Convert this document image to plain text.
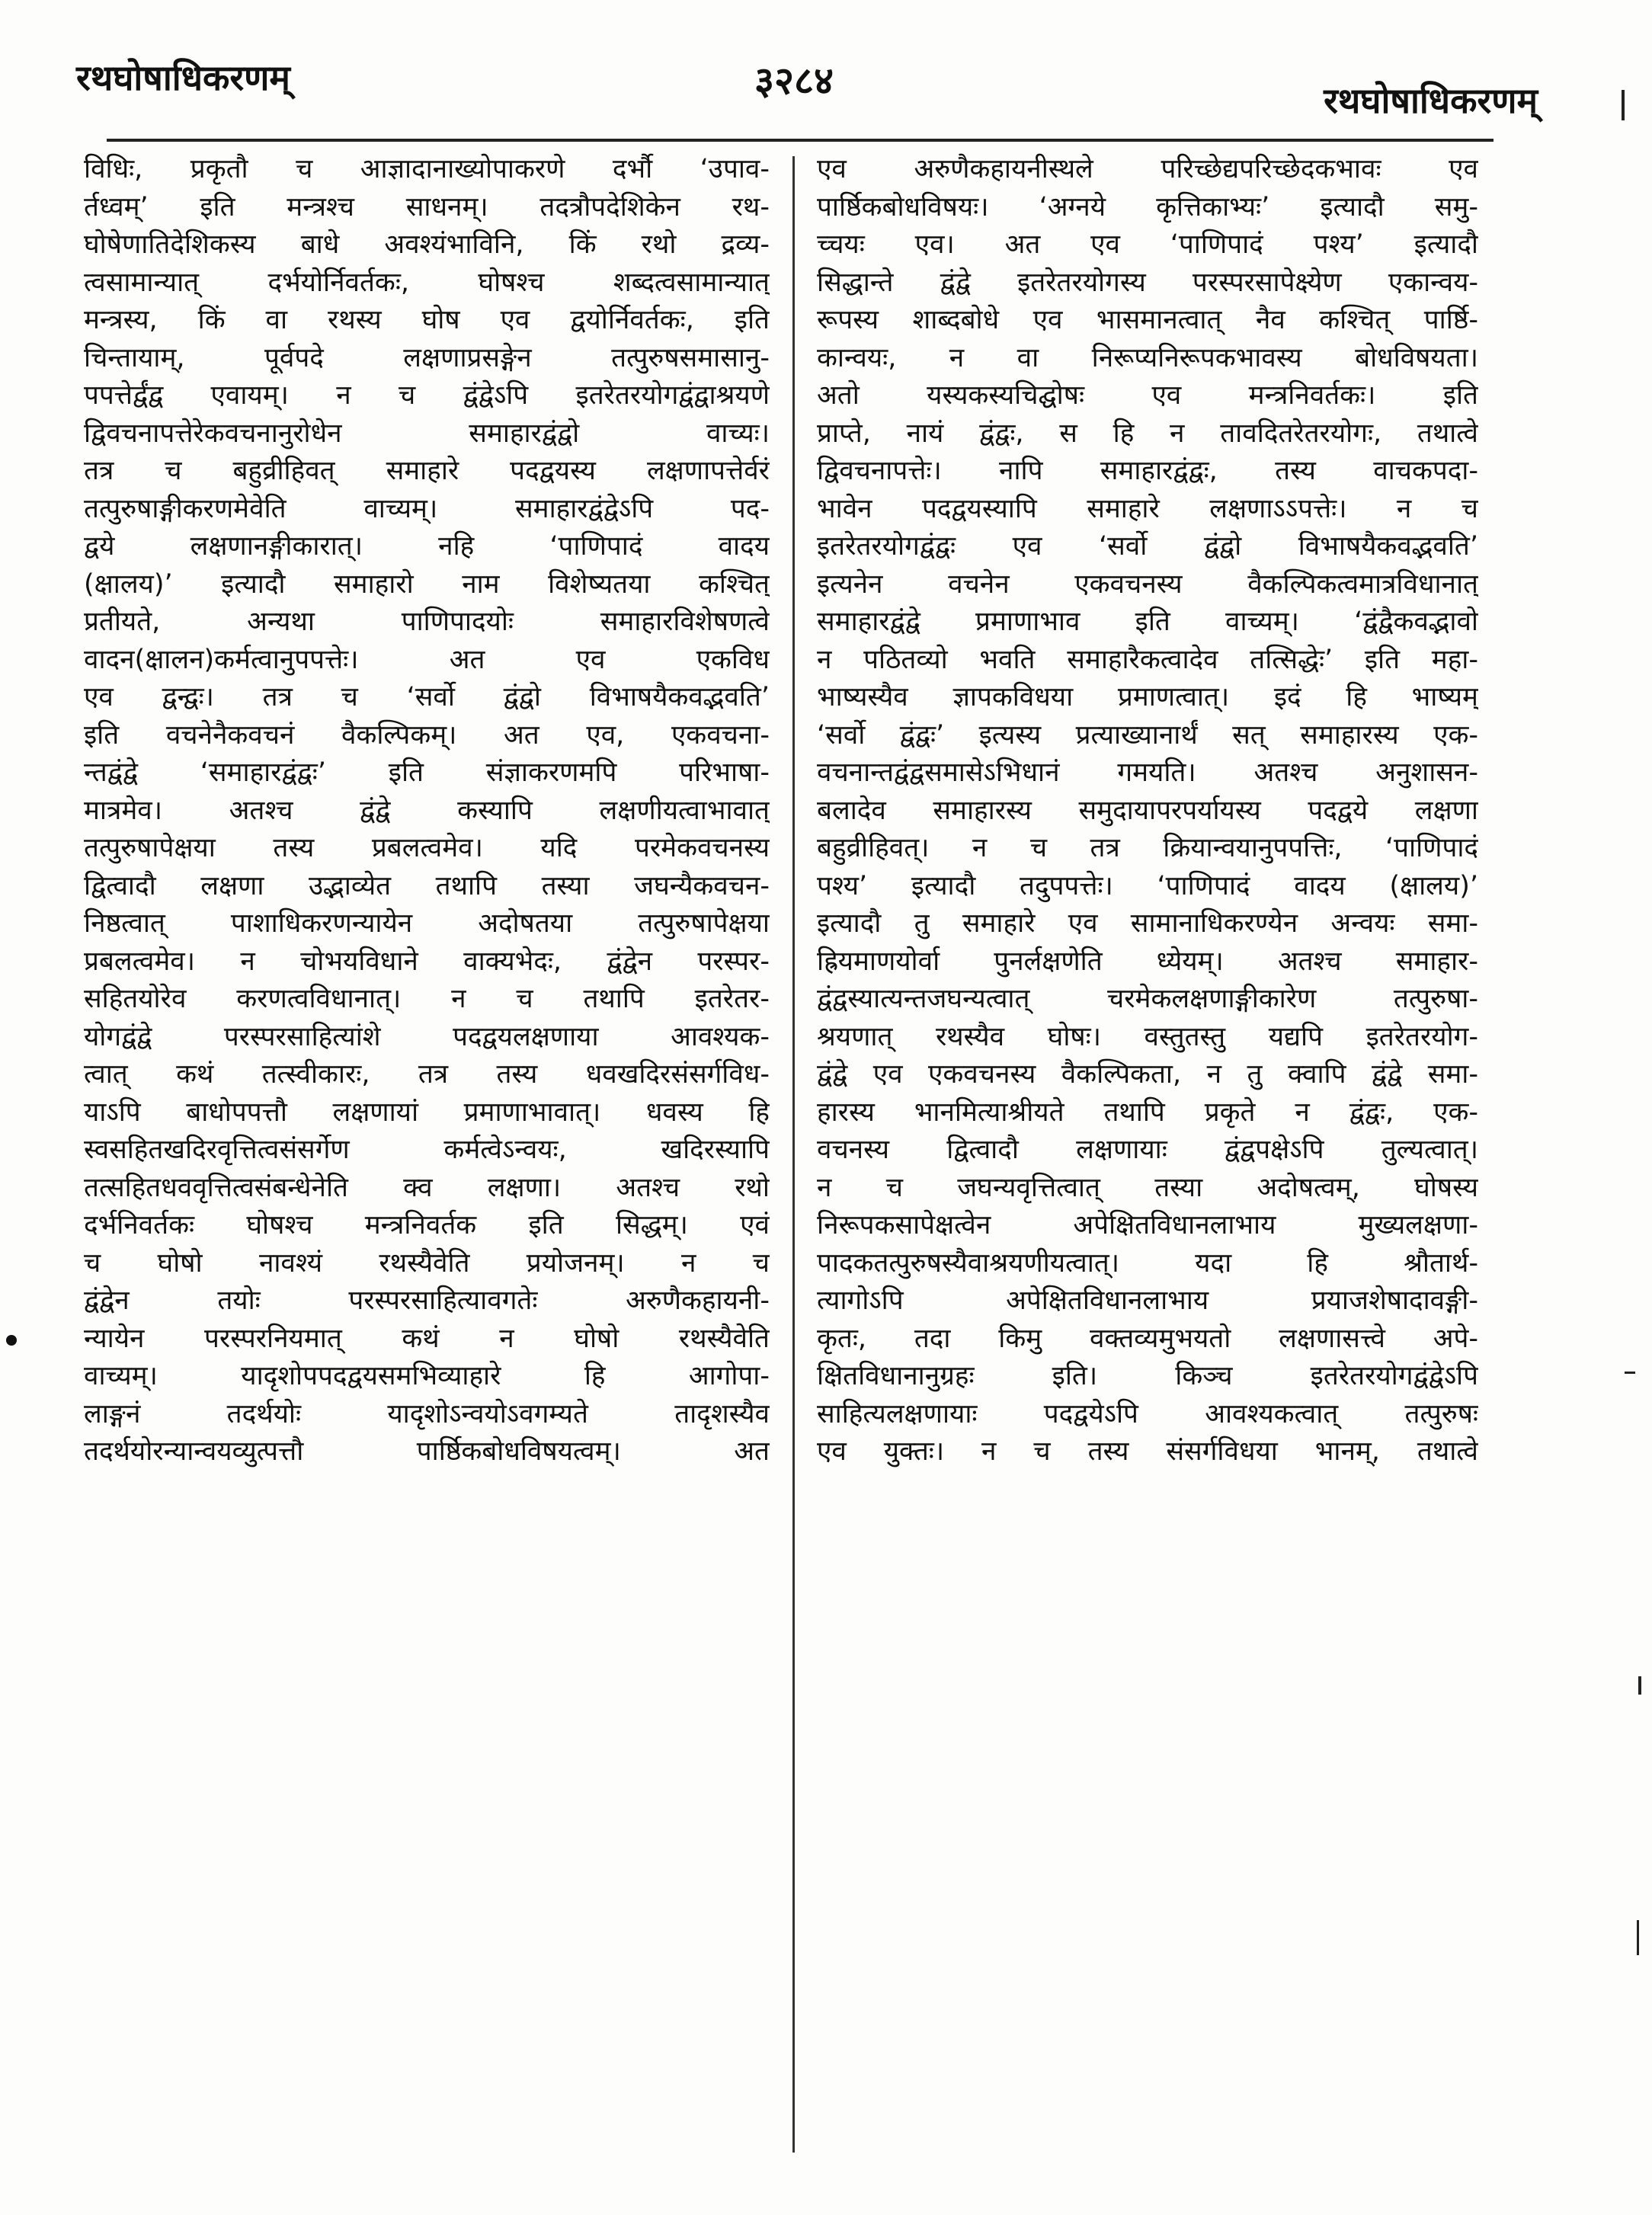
रथघोषाधिकरणम्	३२८४	रथघोषाधिकरणम्
विधिः, प्रकृतौ च आज्ञादानाख्योपाकरणे दर्भौ ‘उपाव-
र्तध्वम्’ इति मन्त्रश्च साधनम्। तदत्रौपदेशिकेन रथ-
घोषेणातिदेशिकस्य बाधे अवश्यंभाविनि, किं रथो द्रव्य-
त्वसामान्यात् दर्भयोर्निवर्तकः, घोषश्च शब्दत्वसामान्यात्
मन्त्रस्य, किं वा रथस्य घोष एव द्वयोर्निवर्तकः, इति
चिन्तायाम्, पूर्वपदे लक्षणाप्रसङ्गेन तत्पुरुषसमासानु-
पपत्तेर्द्वंद्व एवायम्। न च द्वंद्वेऽपि इतरेतरयोगद्वंद्वाश्रयणे
द्विवचनापत्तेरेकवचनानुरोधेन समाहारद्वंद्वो वाच्यः।
तत्र च बहुव्रीहिवत् समाहारे पदद्वयस्य लक्षणापत्तेर्वरं
तत्पुरुषाङ्गीकरणमेवेति वाच्यम्। समाहारद्वंद्वेऽपि पद-
द्वये लक्षणानङ्गीकारात्। नहि ‘पाणिपादं वादय
(क्षालय)’ इत्यादौ समाहारो नाम विशेष्यतया कश्चित्
प्रतीयते, अन्यथा पाणिपादयोः समाहारविशेषणत्वे
वादन(क्षालन)कर्मत्वानुपपत्तेः। अत एव एकविध
एव द्वन्द्वः। तत्र च ‘सर्वो द्वंद्वो विभाषयैकवद्भवति’
इति वचनेनैकवचनं वैकल्पिकम्। अत एव, एकवचना-
न्तद्वंद्वे ‘समाहारद्वंद्वः’ इति संज्ञाकरणमपि परिभाषा-
मात्रमेव। अतश्च द्वंद्वे कस्यापि लक्षणीयत्वाभावात्
तत्पुरुषापेक्षया तस्य प्रबलत्वमेव। यदि परमेकवचनस्य
द्वित्वादौ लक्षणा उद्भाव्येत तथापि तस्या जघन्यैकवचन-
निष्ठत्वात् पाशाधिकरणन्यायेन अदोषतया तत्पुरुषापेक्षया
प्रबलत्वमेव। न चोभयविधाने वाक्यभेदः, द्वंद्वेन परस्पर-
सहितयोरेव करणत्वविधानात्। न च तथापि इतरेतर-
योगद्वंद्वे परस्परसाहित्यांशे पदद्वयलक्षणाया आवश्यक-
त्वात् कथं तत्स्वीकारः, तत्र तस्य धवखदिरसंसर्गविध-
याऽपि बाधोपपत्तौ लक्षणायां प्रमाणाभावात्। धवस्य हि
स्वसहितखदिरवृत्तित्वसंसर्गेण कर्मत्वेऽन्वयः, खदिरस्यापि
तत्सहितधववृत्तित्वसंबन्धेनेति क्व लक्षणा। अतश्च रथो
दर्भनिवर्तकः घोषश्च मन्त्रनिवर्तक इति सिद्धम्। एवं
च घोषो नावश्यं रथस्यैवेति प्रयोजनम्। न च
द्वंद्वेन तयोः परस्परसाहित्यावगतेः अरुणैकहायनी-
न्यायेन परस्परनियमात् कथं न घोषो रथस्यैवेति
वाच्यम्। यादृशोपपदद्वयसमभिव्याहारे हि आगोपा-
लाङ्गनं तदर्थयोः यादृशोऽन्वयोऽवगम्यते तादृशस्यैव
तदर्थयोरन्यान्वयव्युत्पत्तौ पार्ष्ठिकबोधविषयत्वम्। अत
एव अरुणैकहायनीस्थले परिच्छेद्यपरिच्छेदकभावः एव
पार्ष्ठिकबोधविषयः। ‘अग्नये कृत्तिकाभ्यः’ इत्यादौ समु-
च्चयः एव। अत एव ‘पाणिपादं पश्य’ इत्यादौ
सिद्धान्ते द्वंद्वे इतरेतरयोगस्य परस्परसापेक्ष्येण एकान्वय-
रूपस्य शाब्दबोधे एव भासमानत्वात् नैव कश्चित् पार्ष्ठि-
कान्वयः, न वा निरूप्यनिरूपकभावस्य बोधविषयता।
अतो यस्यकस्यचिद्घोषः एव मन्त्रनिवर्तकः। इति
प्राप्ते, नायं द्वंद्वः, स हि न तावदितरेतरयोगः, तथात्वे
द्विवचनापत्तेः। नापि समाहारद्वंद्वः, तस्य वाचकपदा-
भावेन पदद्वयस्यापि समाहारे लक्षणाऽऽपत्तेः। न च
इतरेतरयोगद्वंद्वः एव ‘सर्वो द्वंद्वो विभाषयैकवद्भवति’
इत्यनेन वचनेन एकवचनस्य वैकल्पिकत्वमात्रविधानात्
समाहारद्वंद्वे प्रमाणाभाव इति वाच्यम्। ‘द्वंद्वैकवद्भावो
न पठितव्यो भवति समाहारैकत्वादेव तत्सिद्धेः’ इति महा-
भाष्यस्यैव ज्ञापकविधया प्रमाणत्वात्। इदं हि भाष्यम्
‘सर्वो द्वंद्वः’ इत्यस्य प्रत्याख्यानार्थं सत् समाहारस्य एक-
वचनान्तद्वंद्वसमासेऽभिधानं गमयति। अतश्च अनुशासन-
बलादेव समाहारस्य समुदायापरपर्यायस्य पदद्वये लक्षणा
बहुव्रीहिवत्। न च तत्र क्रियान्वयानुपपत्तिः, ‘पाणिपादं
पश्य’ इत्यादौ तदुपपत्तेः। ‘पाणिपादं वादय (क्षालय)’
इत्यादौ तु समाहारे एव सामानाधिकरण्येन अन्वयः समा-
ह्रियमाणयोर्वा पुनर्लक्षणेति ध्येयम्। अतश्च समाहार-
द्वंद्वस्यात्यन्तजघन्यत्वात् चरमेकलक्षणाङ्गीकारेण तत्पुरुषा-
श्रयणात् रथस्यैव घोषः। वस्तुतस्तु यद्यपि इतरेतरयोग-
द्वंद्वे एव एकवचनस्य वैकल्पिकता, न तु क्वापि द्वंद्वे समा-
हारस्य भानमित्याश्रीयते तथापि प्रकृते न द्वंद्वः, एक-
वचनस्य द्वित्वादौ लक्षणायाः द्वंद्वपक्षेऽपि तुल्यत्वात्।
न च जघन्यवृत्तित्वात् तस्या अदोषत्वम्, घोषस्य
निरूपकसापेक्षत्वेन अपेक्षितविधानलाभाय मुख्यलक्षणा-
पादकतत्पुरुषस्यैवाश्रयणीयत्वात्। यदा हि श्रौतार्थ-
त्यागोऽपि अपेक्षितविधानलाभाय प्रयाजशेषादावङ्गी-
कृतः, तदा किमु वक्तव्यमुभयतो लक्षणासत्त्वे अपे-
क्षितविधानानुग्रहः इति। किञ्च इतरेतरयोगद्वंद्वेऽपि
साहित्यलक्षणायाः पदद्वयेऽपि आवश्यकत्वात् तत्पुरुषः
एव युक्तः। न च तस्य संसर्गविधया भानम्, तथात्वे
